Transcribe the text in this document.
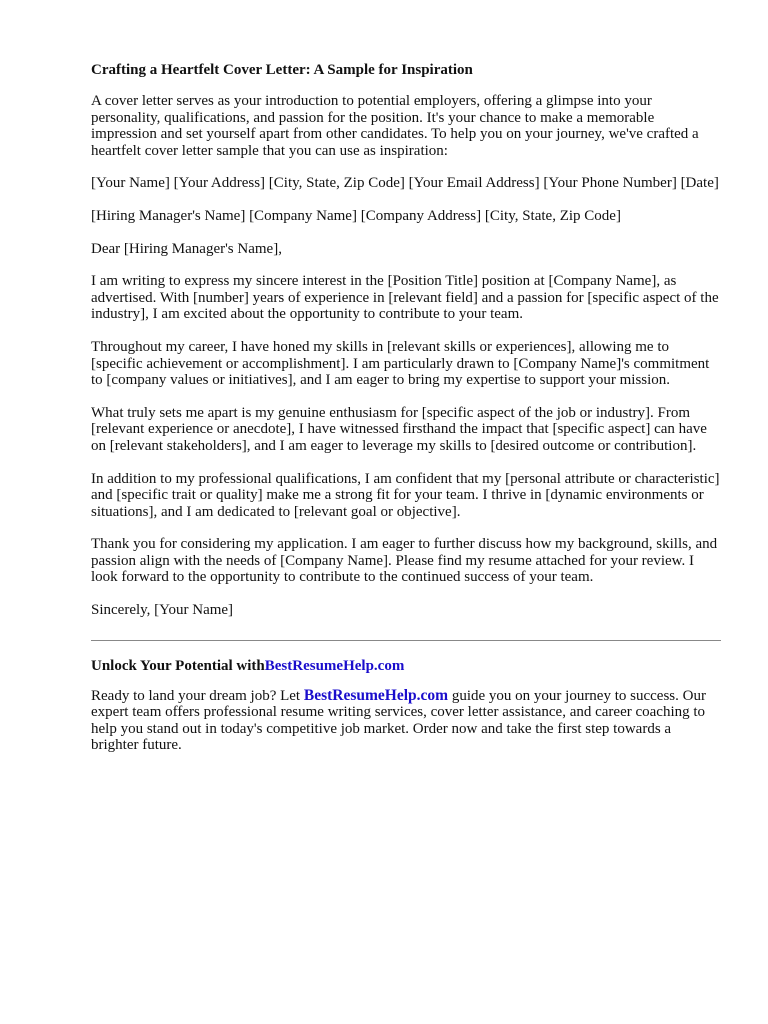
Crafting a Heartfelt Cover Letter: A Sample for Inspiration

A cover letter serves as your introduction to potential employers, offering a glimpse into your personality, qualifications, and passion for the position. It's your chance to make a memorable impression and set yourself apart from other candidates. To help you on your journey, we've crafted a heartfelt cover letter sample that you can use as inspiration:

[Your Name] [Your Address] [City, State, Zip Code] [Your Email Address] [Your Phone Number] [Date]

[Hiring Manager's Name] [Company Name] [Company Address] [City, State, Zip Code]

Dear [Hiring Manager's Name],

I am writing to express my sincere interest in the [Position Title] position at [Company Name], as advertised. With [number] years of experience in [relevant field] and a passion for [specific aspect of the industry], I am excited about the opportunity to contribute to your team.

Throughout my career, I have honed my skills in [relevant skills or experiences], allowing me to [specific achievement or accomplishment]. I am particularly drawn to [Company Name]'s commitment to [company values or initiatives], and I am eager to bring my expertise to support your mission.

What truly sets me apart is my genuine enthusiasm for [specific aspect of the job or industry]. From [relevant experience or anecdote], I have witnessed firsthand the impact that [specific aspect] can have on [relevant stakeholders], and I am eager to leverage my skills to [desired outcome or contribution].

In addition to my professional qualifications, I am confident that my [personal attribute or characteristic] and [specific trait or quality] make me a strong fit for your team. I thrive in [dynamic environments or situations], and I am dedicated to [relevant goal or objective].

Thank you for considering my application. I am eager to further discuss how my background, skills, and passion align with the needs of [Company Name]. Please find my resume attached for your review. I look forward to the opportunity to contribute to the continued success of your team.

Sincerely, [Your Name]

Unlock Your Potential withBestResumeHelp.com

Ready to land your dream job? Let BestResumeHelp.com guide you on your journey to success. Our expert team offers professional resume writing services, cover letter assistance, and career coaching to help you stand out in today's competitive job market. Order now and take the first step towards a brighter future.
